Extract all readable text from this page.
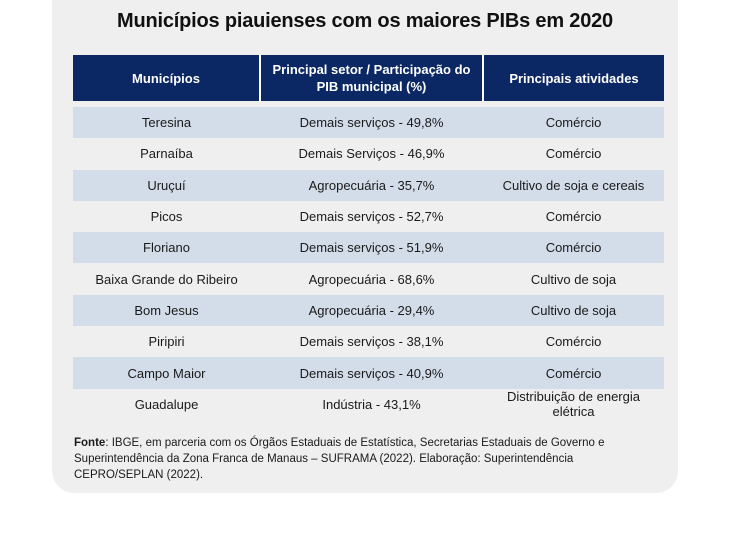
Municípios piauienses com os maiores PIBs em 2020
Municípios	Principal setor / Participação do PIB municipal (%)	Principais atividades

Teresina	Demais serviços - 49,8%	Comércio
Parnaíba	Demais Serviços - 46,9%	Comércio
Uruçuí	Agropecuária - 35,7%	Cultivo de soja e cereais
Picos	Demais serviços - 52,7%	Comércio
Floriano	Demais serviços - 51,9%	Comércio
Baixa Grande do Ribeiro	Agropecuária - 68,6%	Cultivo de soja
Bom Jesus	Agropecuária - 29,4%	Cultivo de soja
Piripiri	Demais serviços - 38,1%	Comércio
Campo Maior	Demais serviços - 40,9%	Comércio
Guadalupe	Indústria - 43,1%	Distribuição de energia elétrica
Fonte: IBGE, em parceria com os Órgãos Estaduais de Estatística, Secretarias Estaduais de Governo e Superintendência da Zona Franca de Manaus – SUFRAMA (2022). Elaboração: Superintendência CEPRO/SEPLAN (2022).
